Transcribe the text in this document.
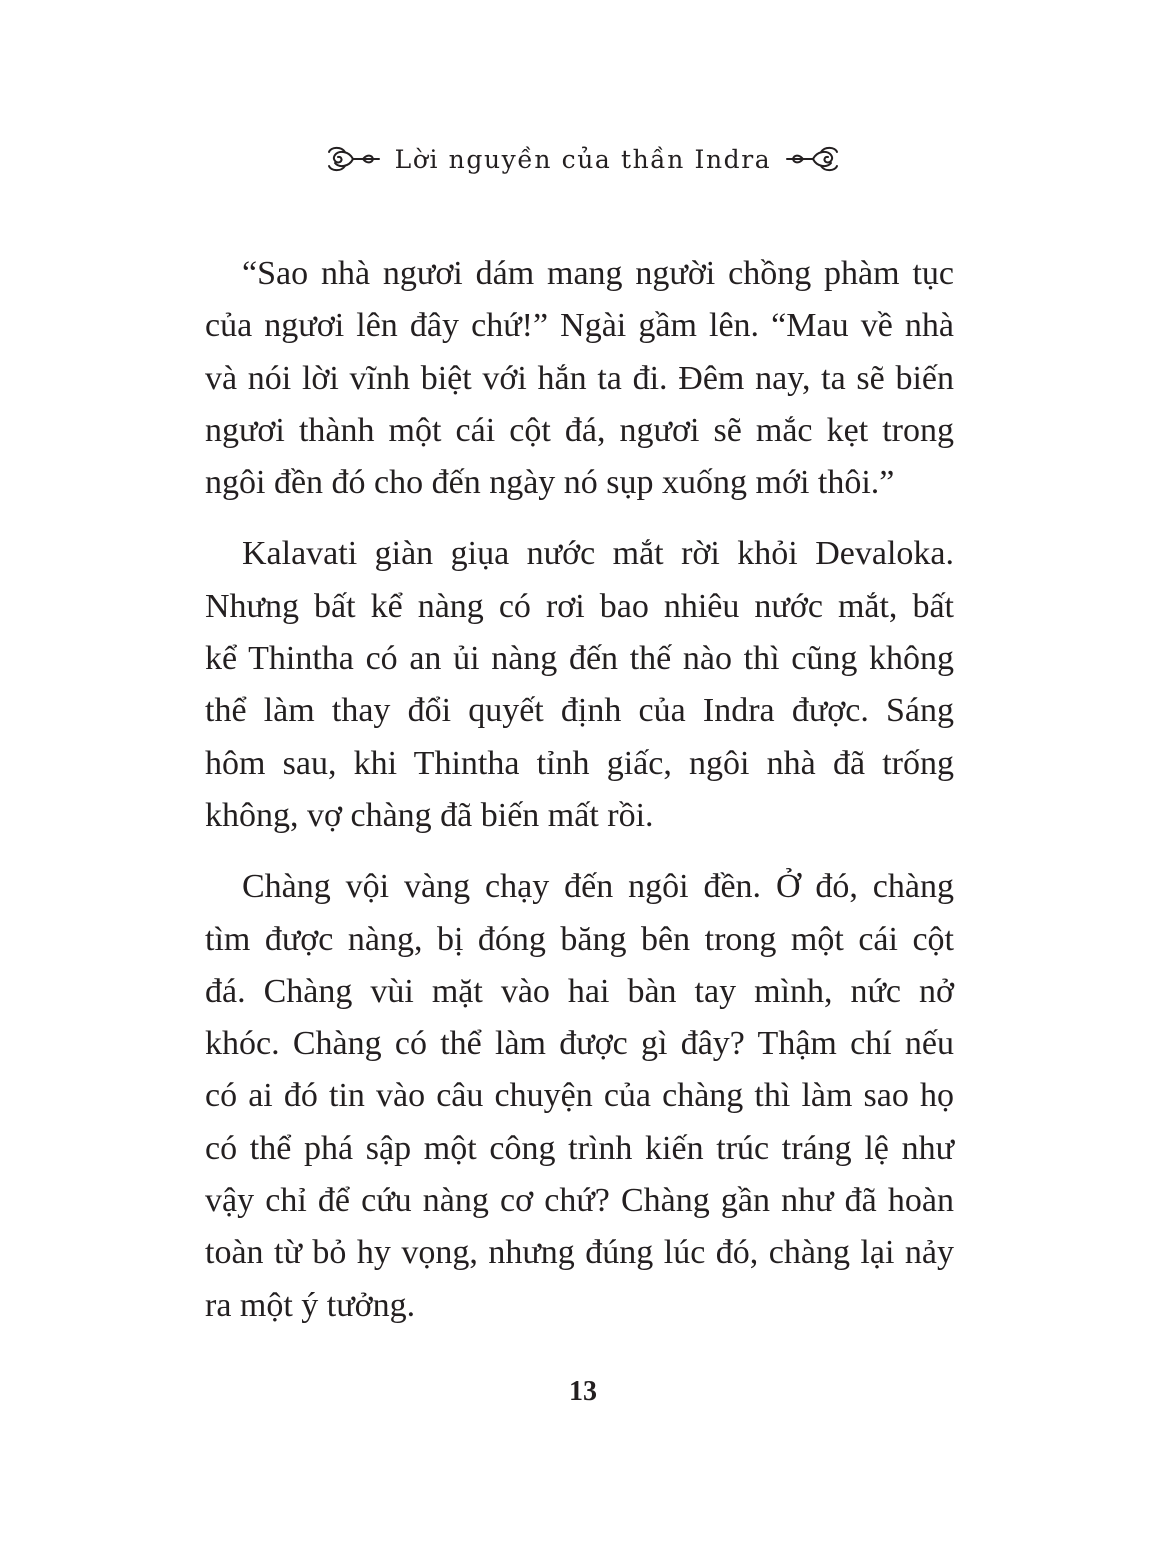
Lời nguyền của thần Indra

“Sao nhà ngươi dám mang người chồng phàm tục
của ngươi lên đây chứ!” Ngài gầm lên. “Mau về nhà
và nói lời vĩnh biệt với hắn ta đi. Đêm nay, ta sẽ biến
ngươi thành một cái cột đá, ngươi sẽ mắc kẹt trong
ngôi đền đó cho đến ngày nó sụp xuống mới thôi.”

Kalavati giàn giụa nước mắt rời khỏi Devaloka.
Nhưng bất kể nàng có rơi bao nhiêu nước mắt, bất
kể Thintha có an ủi nàng đến thế nào thì cũng không
thể làm thay đổi quyết định của Indra được. Sáng
hôm sau, khi Thintha tỉnh giấc, ngôi nhà đã trống
không, vợ chàng đã biến mất rồi.

Chàng vội vàng chạy đến ngôi đền. Ở đó, chàng
tìm được nàng, bị đóng băng bên trong một cái cột
đá. Chàng vùi mặt vào hai bàn tay mình, nức nở
khóc. Chàng có thể làm được gì đây? Thậm chí nếu
có ai đó tin vào câu chuyện của chàng thì làm sao họ
có thể phá sập một công trình kiến trúc tráng lệ như
vậy chỉ để cứu nàng cơ chứ? Chàng gần như đã hoàn
toàn từ bỏ hy vọng, nhưng đúng lúc đó, chàng lại nảy
ra một ý tưởng.

13
